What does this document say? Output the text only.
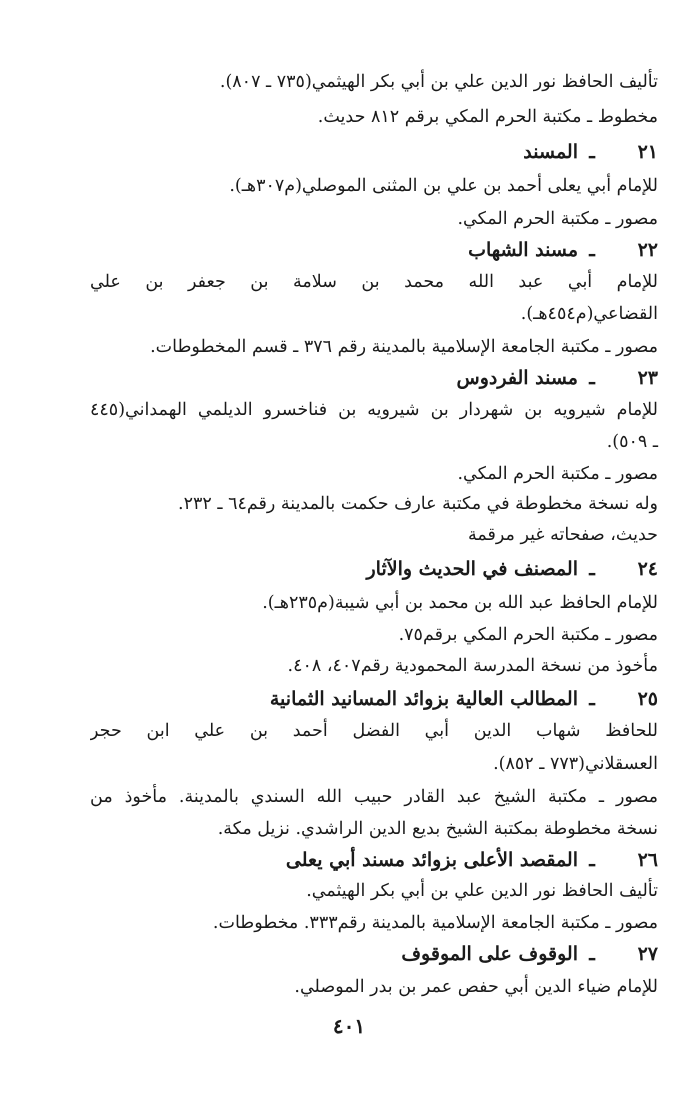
تأليف الحافظ نور الدين علي بن أبي بكر الهيثمي(٧٣٥ ـ ٨٠٧).
مخطوط ـ مكتبة الحرم المكي برقم ٨١٢ حديث.
٢١ـالمسند
للإمام أبي يعلى أحمد بن علي بن المثنى الموصلي(م٣٠٧هـ).
مصور ـ مكتبة الحرم المكي.
٢٢ـمسند الشهاب
للإمام أبي عبد الله محمد بن سلامة بن جعفر بن علي
القضاعي(م٤٥٤هـ).
مصور ـ مكتبة الجامعة الإسلامية بالمدينة رقم ٣٧٦ ـ قسم المخطوطات.
٢٣ـمسند الفردوس
للإمام شيرويه بن شهردار بن شيرويه بن فناخسرو الديلمي الهمداني(٤٤٥
ـ ٥٠٩).
مصور ـ مكتبة الحرم المكي.
وله نسخة مخطوطة في مكتبة عارف حكمت بالمدينة رقم٦٤ ـ ٢٣٢.
حديث، صفحاته غير مرقمة
٢٤ـالمصنف في الحديث والآثار
للإمام الحافظ عبد الله بن محمد بن أبي شيبة(م٢٣٥هـ).
مصور ـ مكتبة الحرم المكي برقم٧٥.
مأخوذ من نسخة المدرسة المحمودية رقم٤٠٧، ٤٠٨.
٢٥ـالمطالب العالية بزوائد المسانيد الثمانية
للحافظ شهاب الدين أبي الفضل أحمد بن علي ابن حجر
العسقلاني(٧٧٣ ـ ٨٥٢).
مصور ـ مكتبة الشيخ عبد القادر حبيب الله السندي بالمدينة. مأخوذ من
نسخة مخطوطة بمكتبة الشيخ بديع الدين الراشدي. نزيل مكة.
٢٦ـالمقصد الأعلى بزوائد مسند أبي يعلى
تأليف الحافظ نور الدين علي بن أبي بكر الهيثمي.
مصور ـ مكتبة الجامعة الإسلامية بالمدينة رقم٣٣٣. مخطوطات.
٢٧ـالوقوف على الموقوف
للإمام ضياء الدين أبي حفص عمر بن بدر الموصلي.
٤٠١
